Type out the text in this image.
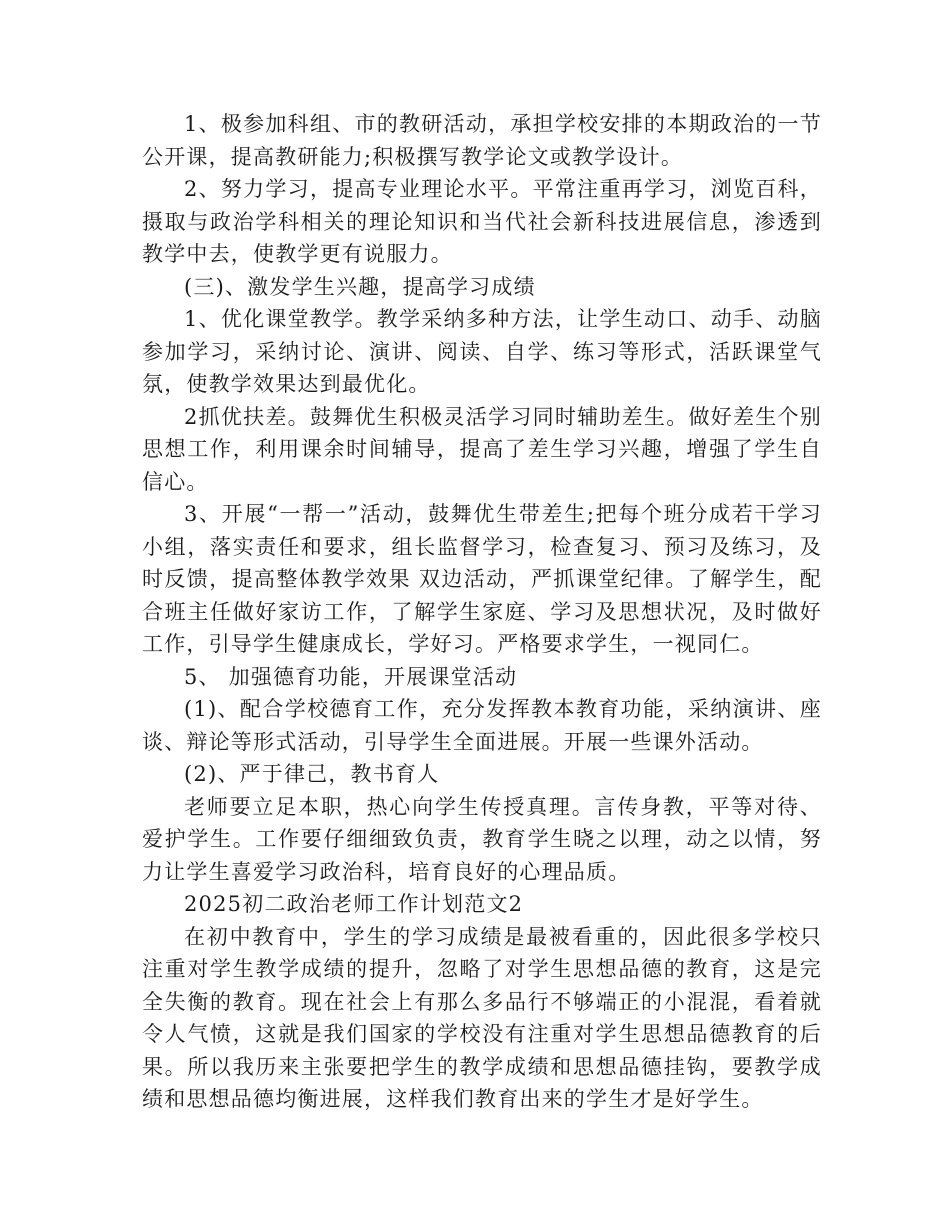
1、极参加科组、市的教研活动，承担学校安排的本期政治的一节公开课，提高教研能力;积极撰写教学论文或教学设计。

2、努力学习，提高专业理论水平。平常注重再学习，浏览百科，摄取与政治学科相关的理论知识和当代社会新科技进展信息，渗透到教学中去，使教学更有说服力。

(三)、激发学生兴趣，提高学习成绩

1、优化课堂教学。教学采纳多种方法，让学生动口、动手、动脑参加学习，采纳讨论、演讲、阅读、自学、练习等形式，活跃课堂气氛，使教学效果达到最优化。

2抓优扶差。鼓舞优生积极灵活学习同时辅助差生。做好差生个别思想工作，利用课余时间辅导，提高了差生学习兴趣，增强了学生自信心。

3、开展“一帮一”活动，鼓舞优生带差生;把每个班分成若干学习小组，落实责任和要求，组长监督学习，检查复习、预习及练习，及时反馈，提高整体教学效果 双边活动，严抓课堂纪律。了解学生，配合班主任做好家访工作，了解学生家庭、学习及思想状况，及时做好工作，引导学生健康成长，学好习。严格要求学生，一视同仁。

5、 加强德育功能，开展课堂活动

(1)、配合学校德育工作，充分发挥教本教育功能，采纳演讲、座谈、辩论等形式活动，引导学生全面进展。开展一些课外活动。

(2)、严于律己，教书育人

老师要立足本职，热心向学生传授真理。言传身教，平等对待、爱护学生。工作要仔细细致负责，教育学生晓之以理，动之以情，努力让学生喜爱学习政治科，培育良好的心理品质。

2025初二政治老师工作计划范文2

在初中教育中，学生的学习成绩是最被看重的，因此很多学校只注重对学生教学成绩的提升，忽略了对学生思想品德的教育，这是完全失衡的教育。现在社会上有那么多品行不够端正的小混混，看着就令人气愤，这就是我们国家的学校没有注重对学生思想品德教育的后果。所以我历来主张要把学生的教学成绩和思想品德挂钩，要教学成绩和思想品德均衡进展，这样我们教育出来的学生才是好学生。
